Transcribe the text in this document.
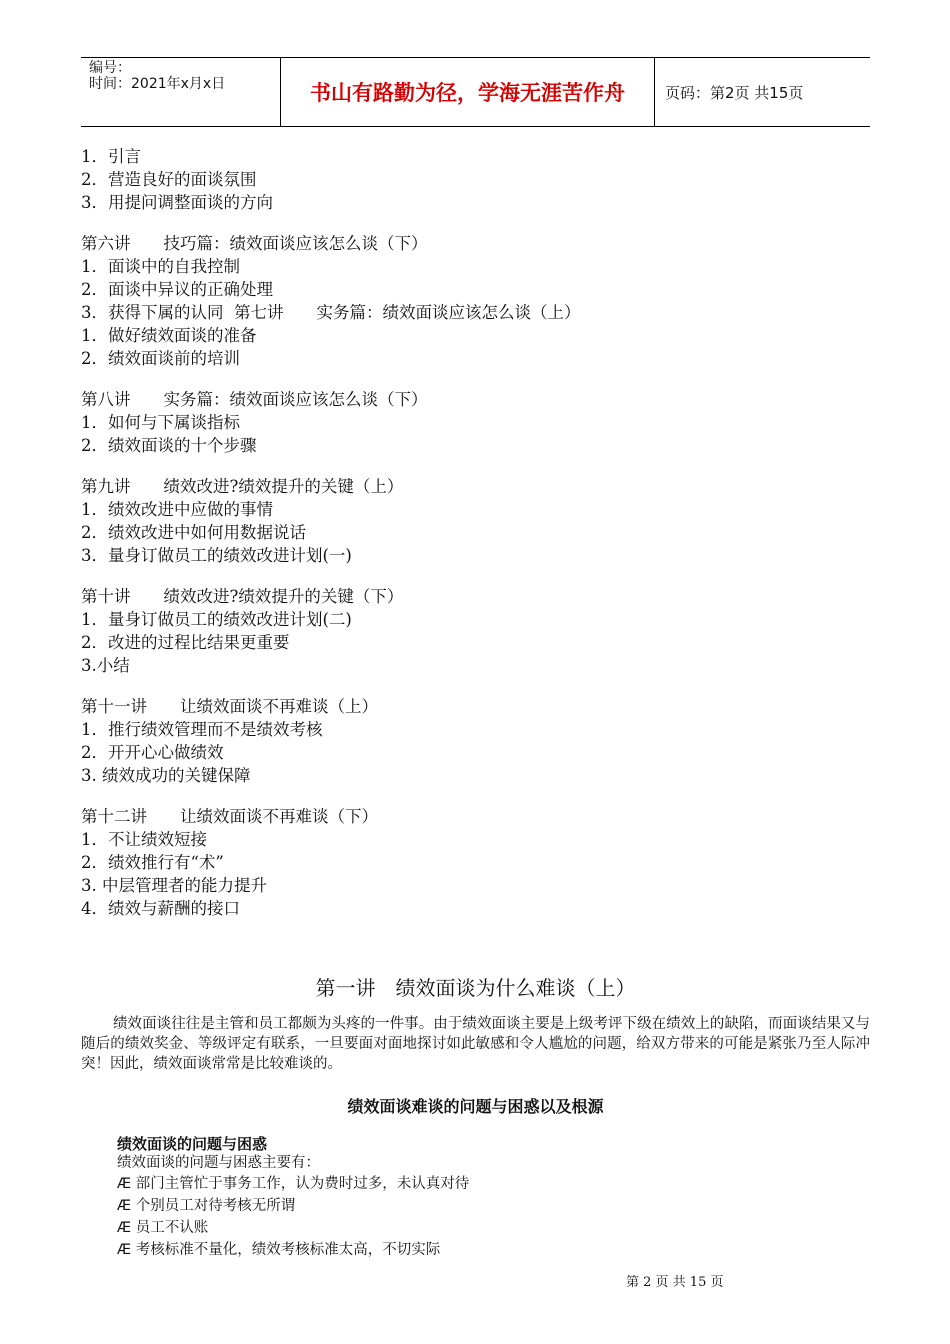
编号：
时间：2021年x月x日	书山有路勤为径，学海无涯苦作舟	页码：第2页 共15页
1．引言
2．营造良好的面谈氛围
3．用提问调整面谈的方向
第六讲　　技巧篇：绩效面谈应该怎么谈（下）
1．面谈中的自我控制
2．面谈中异议的正确处理
3．获得下属的认同  第七讲　　实务篇：绩效面谈应该怎么谈（上）
1．做好绩效面谈的准备
2．绩效面谈前的培训
第八讲　　实务篇：绩效面谈应该怎么谈（下）
1．如何与下属谈指标
2．绩效面谈的十个步骤
第九讲　　绩效改进?绩效提升的关键（上）
1．绩效改进中应做的事情
2．绩效改进中如何用数据说话
3．量身订做员工的绩效改进计划(一)
第十讲　　绩效改进?绩效提升的关键（下）
1．量身订做员工的绩效改进计划(二)
2．改进的过程比结果更重要
3.小结
第十一讲　　让绩效面谈不再难谈（上）
1．推行绩效管理而不是绩效考核
2．开开心心做绩效
3. 绩效成功的关键保障
第十二讲　　让绩效面谈不再难谈（下）
1．不让绩效短接
2．绩效推行有“术”
3. 中层管理者的能力提升
4．绩效与薪酬的接口
第一讲　绩效面谈为什么难谈（上）
绩效面谈往往是主管和员工都颇为头疼的一件事。由于绩效面谈主要是上级考评下级在绩效上的缺陷，而面谈结果又与随后的绩效奖金、等级评定有联系，一旦要面对面地探讨如此敏感和令人尴尬的问题，给双方带来的可能是紧张乃至人际冲突！因此，绩效面谈常常是比较难谈的。
绩效面谈难谈的问题与困惑以及根源
绩效面谈的问题与困惑
绩效面谈的问题与困惑主要有：
Æ 部门主管忙于事务工作，认为费时过多，未认真对待
Æ 个别员工对待考核无所谓
Æ 员工不认账
Æ 考核标准不量化，绩效考核标准太高，不切实际
第 2 页 共 15 页
